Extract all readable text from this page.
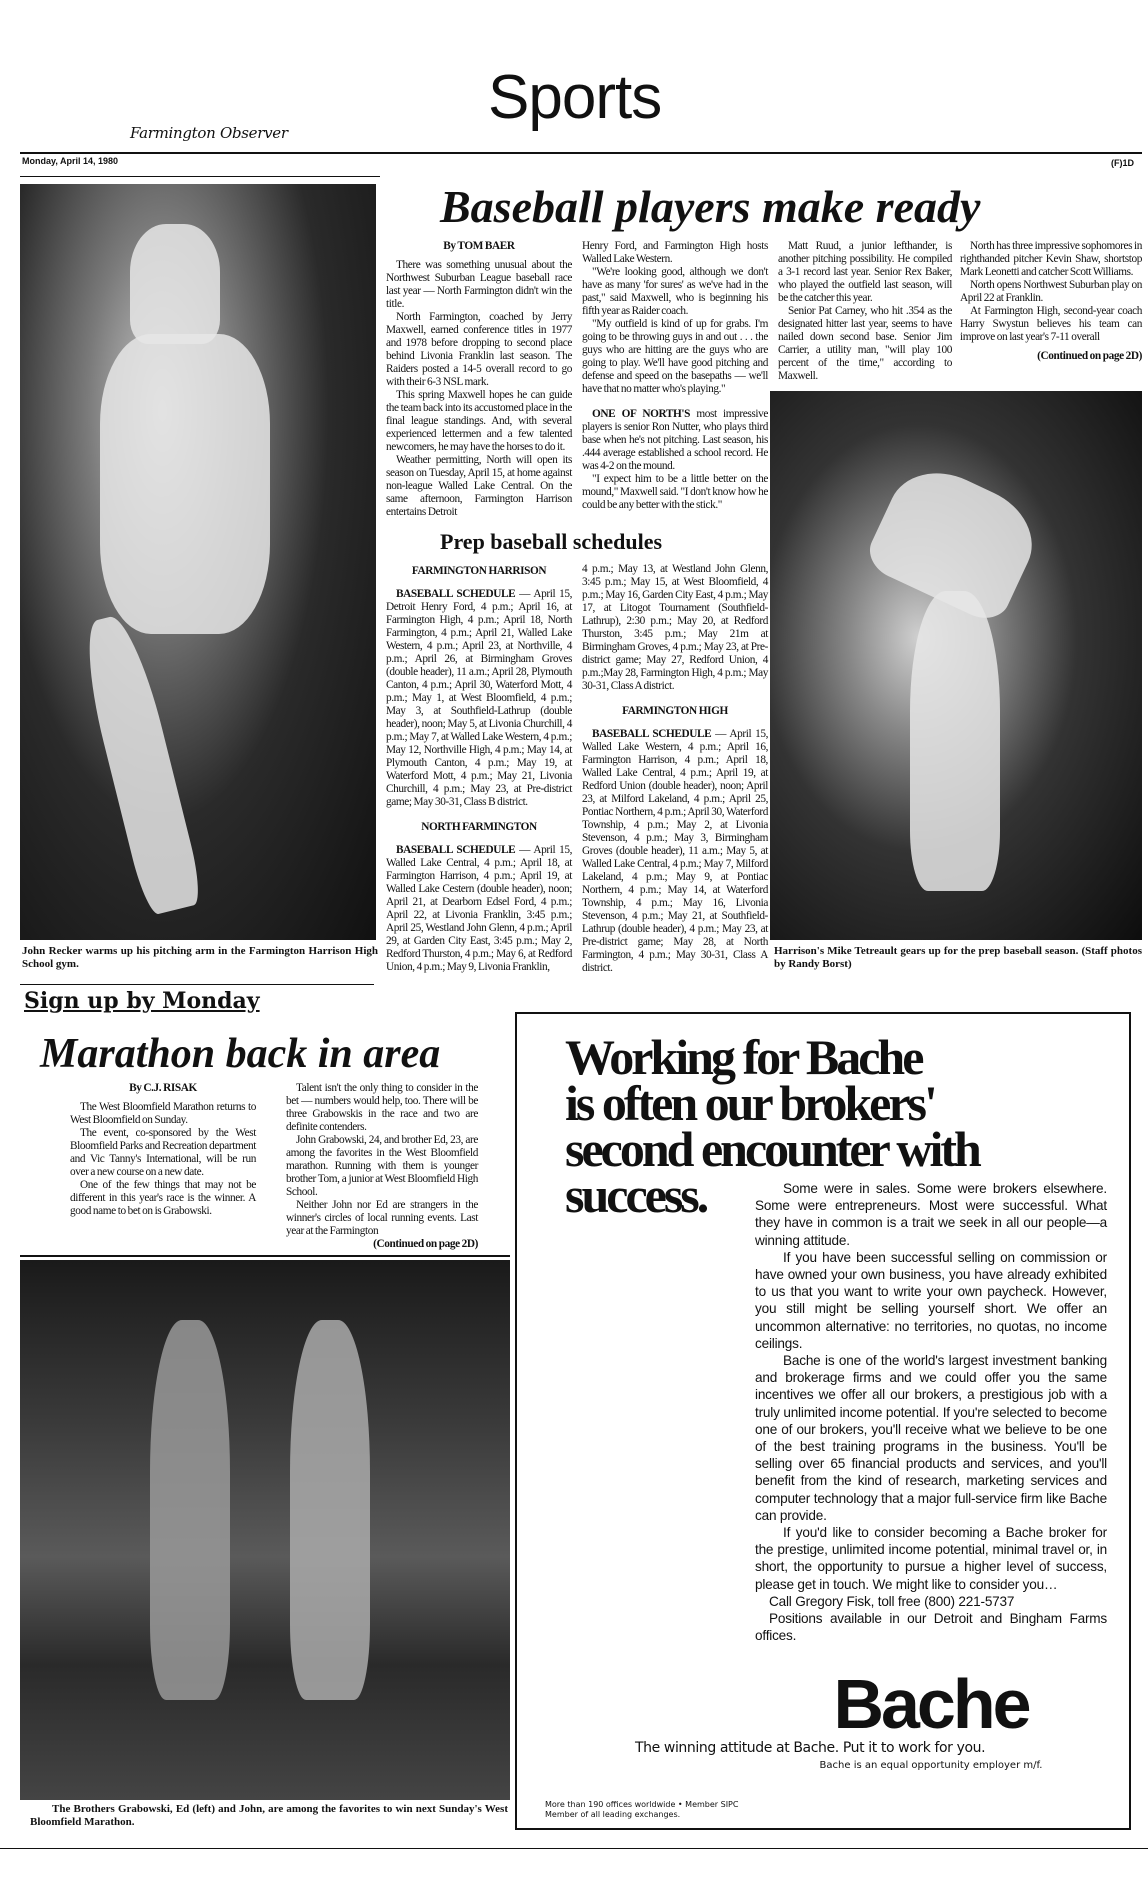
Farmington Observer
Sports
Monday, April 14, 1980	(F)1D
John Recker warms up his pitching arm in the Farmington Harrison High School gym.
Baseball players make ready

By TOM BAER

There was something unusual about the Northwest Suburban League baseball race last year — North Farmington didn't win the title.

North Farmington, coached by Jerry Maxwell, earned conference titles in 1977 and 1978 before dropping to second place behind Livonia Franklin last season. The Raiders posted a 14-5 overall record to go with their 6-3 NSL mark.

This spring Maxwell hopes he can guide the team back into its accustomed place in the final league standings. And, with several experienced lettermen and a few talented newcomers, he may have the horses to do it.

Weather permitting, North will open its season on Tuesday, April 15, at home against non-league Walled Lake Central. On the same afternoon, Farmington Harrison entertains Detroit

Henry Ford, and Farmington High hosts Walled Lake Western.

"We're looking good, although we don't have as many 'for sures' as we've had in the past," said Maxwell, who is beginning his fifth year as Raider coach.

"My outfield is kind of up for grabs. I'm going to be throwing guys in and out . . . the guys who are hitting are the guys who are going to play. We'll have good pitching and defense and speed on the basepaths — we'll have that no matter who's playing."

ONE OF NORTH'S most impressive players is senior Ron Nutter, who plays third base when he's not pitching. Last season, his .444 average established a school record. He was 4-2 on the mound.

"I expect him to be a little better on the mound," Maxwell said. "I don't know how he could be any better with the stick."

Prep baseball schedules

FARMINGTON HARRISON

BASEBALL SCHEDULE — April 15, Detroit Henry Ford, 4 p.m.; April 16, at Farmington High, 4 p.m.; April 18, North Farmington, 4 p.m.; April 21, Walled Lake Western, 4 p.m.; April 23, at Northville, 4 p.m.; April 26, at Birmingham Groves (double header), 11 a.m.; April 28, Plymouth Canton, 4 p.m.; April 30, Waterford Mott, 4 p.m.; May 1, at West Bloomfield, 4 p.m.; May 3, at Southfield-Lathrup (double header), noon; May 5, at Livonia Churchill, 4 p.m.; May 7, at Walled Lake Western, 4 p.m.; May 12, Northville High, 4 p.m.; May 14, at Plymouth Canton, 4 p.m.; May 19, at Waterford Mott, 4 p.m.; May 21, Livonia Churchill, 4 p.m.; May 23, at Pre-district game; May 30-31, Class B district.

NORTH FARMINGTON

BASEBALL SCHEDULE — April 15, Walled Lake Central, 4 p.m.; April 18, at Farmington Harrison, 4 p.m.; April 19, at Walled Lake Cestern (double header), noon; April 21, at Dearborn Edsel Ford, 4 p.m.; April 22, at Livonia Franklin, 3:45 p.m.; April 25, Westland John Glenn, 4 p.m.; April 29, at Garden City East, 3:45 p.m.; May 2, Redford Thurston, 4 p.m.; May 6, at Redford Union, 4 p.m.; May 9, Livonia Franklin,

4 p.m.; May 13, at Westland John Glenn, 3:45 p.m.; May 15, at West Bloomfield, 4 p.m.; May 16, Garden City East, 4 p.m.; May 17, at Litogot Tournament (Southfield-Lathrup), 2:30 p.m.; May 20, at Redford Thurston, 3:45 p.m.; May 21m at Birmingham Groves, 4 p.m.; May 23, at Pre-district game; May 27, Redford Union, 4 p.m.;May 28, Farmington High, 4 p.m.; May 30-31, Class A district.

FARMINGTON HIGH

BASEBALL SCHEDULE — April 15, Walled Lake Western, 4 p.m.; April 16, Farmington Harrison, 4 p.m.; April 18, Walled Lake Central, 4 p.m.; April 19, at Redford Union (double header), noon; April 23, at Milford Lakeland, 4 p.m.; April 25, Pontiac Northern, 4 p.m.; April 30, Waterford Township, 4 p.m.; May 2, at Livonia Stevenson, 4 p.m.; May 3, Birmingham Groves (double header), 11 a.m.; May 5, at Walled Lake Central, 4 p.m.; May 7, Milford Lakeland, 4 p.m.; May 9, at Pontiac Northern, 4 p.m.; May 14, at Waterford Township, 4 p.m.; May 16, Livonia Stevenson, 4 p.m.; May 21, at Southfield-Lathrup (double header), 4 p.m.; May 23, at Pre-district game; May 28, at North Farmington, 4 p.m.; May 30-31, Class A district.

Matt Ruud, a junior lefthander, is another pitching possibility. He compiled a 3-1 record last year. Senior Rex Baker, who played the outfield last season, will be the catcher this year.

Senior Pat Carney, who hit .354 as the designated hitter last year, seems to have nailed down second base. Senior Jim Carrier, a utility man, "will play 100 percent of the time," according to Maxwell.

North has three impressive sophomores in righthanded pitcher Kevin Shaw, shortstop Mark Leonetti and catcher Scott Williams.

North opens Northwest Suburban play on April 22 at Franklin.

At Farmington High, second-year coach Harry Swystun believes his team can improve on last year's 7-11 overall

(Continued on page 2D)

Harrison's Mike Tetreault gears up for the prep baseball season. (Staff photos by Randy Borst)
Sign up by Monday
Marathon back in area

By C.J. RISAK

The West Bloomfield Marathon returns to West Bloomfield on Sunday.

The event, co-sponsored by the West Bloomfield Parks and Recreation department and Vic Tanny's International, will be run over a new course on a new date.

One of the few things that may not be different in this year's race is the winner. A good name to bet on is Grabowski.

Talent isn't the only thing to consider in the bet — numbers would help, too. There will be three Grabowskis in the race and two are definite contenders.

John Grabowski, 24, and brother Ed, 23, are among the favorites in the West Bloomfield marathon. Running with them is younger brother Tom, a junior at West Bloomfield High School.

Neither John nor Ed are strangers in the winner's circles of local running events. Last year at the Farmington

(Continued on page 2D)

The Brothers Grabowski, Ed (left) and John, are among the favorites to win next Sunday's West Bloomfield Marathon.
Working for Bache
is often our brokers'
second encounter with
success.	Some were in sales. Some were brokers elsewhere. Some were entrepreneurs. Most were successful. What they have in common is a trait we seek in all our people—a winning attitude.

If you have been successful selling on commission or have owned your own business, you have already exhibited to us that you want to write your own paycheck. However, you still might be selling yourself short. We offer an uncommon alternative: no territories, no quotas, no income ceilings.

Bache is one of the world's largest investment banking and brokerage firms and we could offer you the same incentives we offer all our brokers, a prestigious job with a truly unlimited income potential. If you're selected to become one of our brokers, you'll receive what we believe to be one of the best training programs in the business. You'll be selling over 65 financial products and services, and you'll benefit from the kind of research, marketing services and computer technology that a major full-service firm like Bache can provide.

If you'd like to consider becoming a Bache broker for the prestige, unlimited income potential, minimal travel or, in short, the opportunity to pursue a higher level of success, please get in touch. We might like to consider you…

Call Gregory Fisk, toll free (800) 221-5737

Positions available in our Detroit and Bingham Farms offices.

Bache
The winning attitude at Bache. Put it to work for you.
Bache is an equal opportunity employer m/f.
More than 190 offices worldwide • Member SIPC
Member of all leading exchanges.
